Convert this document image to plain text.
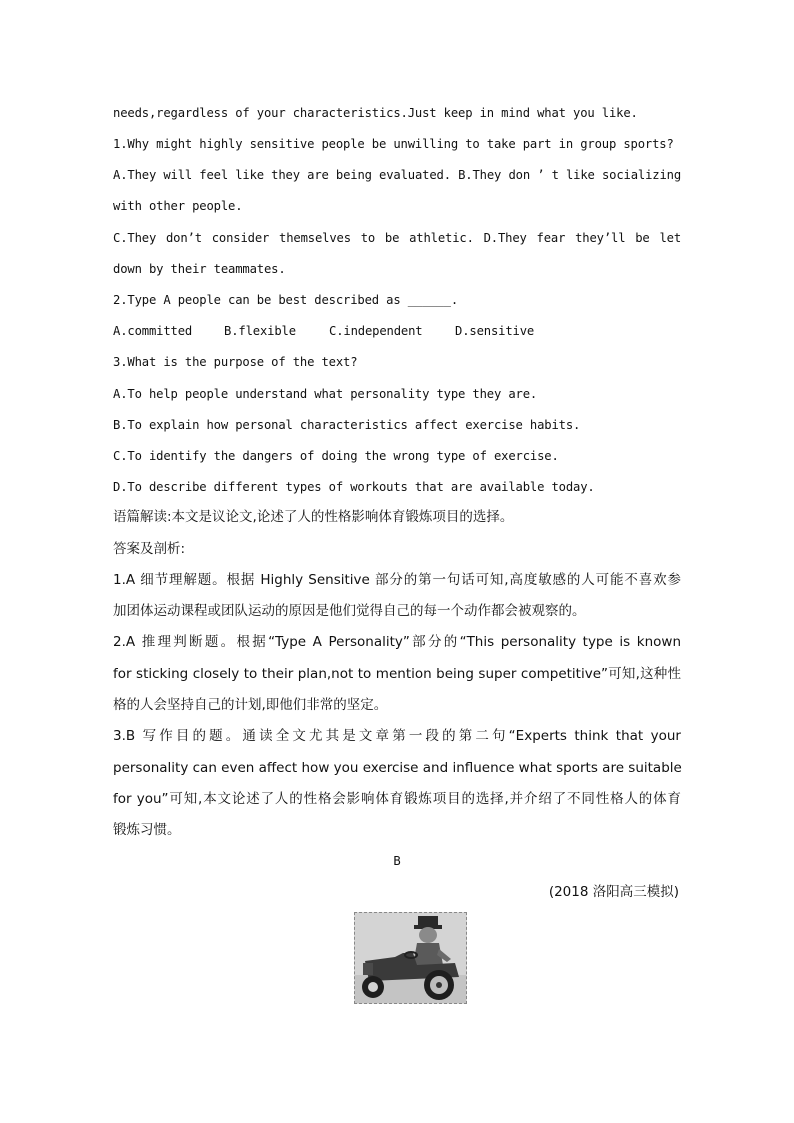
needs,regardless of your characteristics.Just keep in mind what you like.
1.Why might highly sensitive people be unwilling to take part in group sports?
A.They will feel like they are being evaluated. B.They don ’ t like socializing
with other people.
C.They don’t consider themselves to be athletic. D.They fear they’ll be let
down by their teammates.
2.Type A people can be best described as ______.
A.committed	B.flexible	C.independent	D.sensitive
3.What is the purpose of the text?
A.To help people understand what personality type they are.
B.To explain how personal characteristics affect exercise habits.
C.To identify the dangers of doing the wrong type of exercise.
D.To describe different types of workouts that are available today.
语篇解读:本文是议论文,论述了人的性格影响体育锻炼项目的选择。
答案及剖析:
1.A 细节理解题。根据 Highly Sensitive 部分的第一句话可知,高度敏感的人可能不喜欢参
加团体运动课程或团队运动的原因是他们觉得自己的每一个动作都会被观察的。
2.A 推理判断题。根据“Type A Personality”部分的“This personality type is known
for sticking closely to their plan,not to mention being super competitive”可知,这种性
格的人会坚持自己的计划,即他们非常的坚定。
3.B 写作目的题。通读全文尤其是文章第一段的第二句“Experts think that your
personality can even affect how you exercise and influence what sports are suitable
for you”可知,本文论述了人的性格会影响体育锻炼项目的选择,并介绍了不同性格人的体育
锻炼习惯。
B
(2018 洛阳高三模拟)
